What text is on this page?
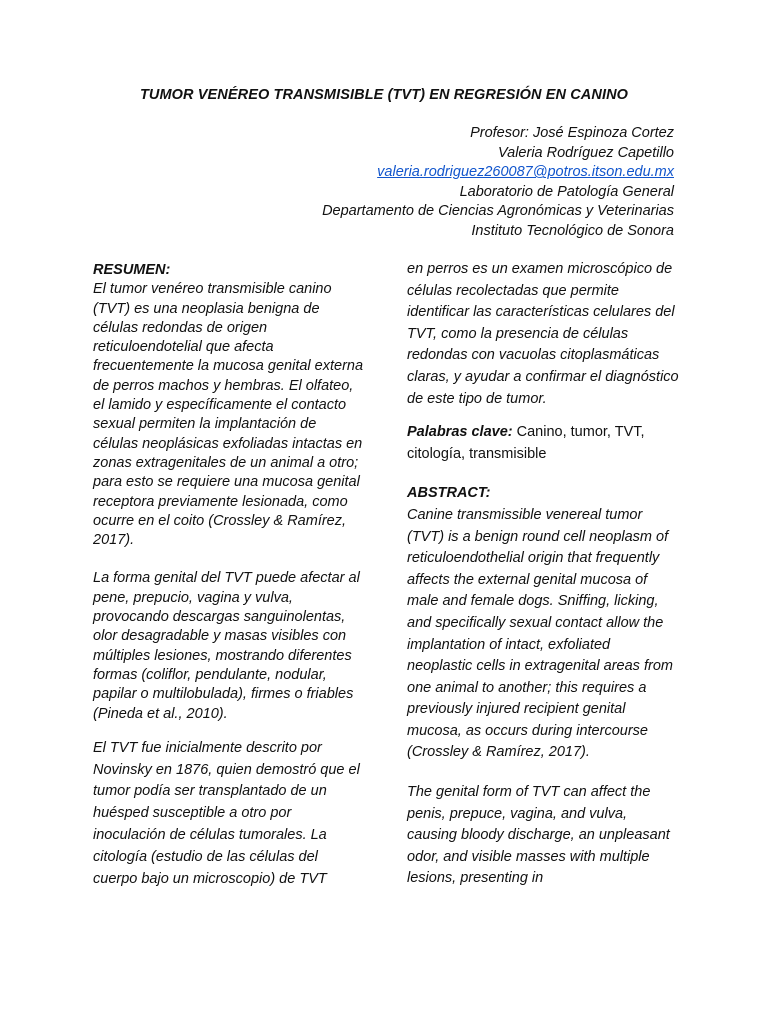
TUMOR VENÉREO TRANSMISIBLE (TVT) EN REGRESIÓN EN CANINO
Profesor: José Espinoza Cortez
Valeria Rodríguez Capetillo
valeria.rodriguez260087@potros.itson.edu.mx
Laboratorio de Patología General
Departamento de Ciencias Agronómicas y Veterinarias
Instituto Tecnológico de Sonora
RESUMEN:

El tumor venéreo transmisible canino (TVT) es una neoplasia benigna de células redondas de origen reticuloendotelial que afecta frecuentemente la mucosa genital externa de perros machos y hembras. El olfateo, el lamido y específicamente el contacto sexual permiten la implantación de células neoplásicas exfoliadas intactas en zonas extragenitales de un animal a otro; para esto se requiere una mucosa genital receptora previamente lesionada, como ocurre en el coito (Crossley & Ramírez, 2017).

La forma genital del TVT puede afectar al pene, prepucio, vagina y vulva, provocando descargas sanguinolentas, olor desagradable y masas visibles con múltiples lesiones, mostrando diferentes formas (coliflor, pendulante, nodular, papilar o multilobulada), firmes o friables (Pineda et al., 2010).

El TVT fue inicialmente descrito por Novinsky en 1876, quien demostró que el tumor podía ser transplantado de un huésped susceptible a otro por inoculación de células tumorales. La citología (estudio de las células del cuerpo bajo un microscopio) de TVT

en perros es un examen microscópico de células recolectadas que permite identificar las características celulares del TVT, como la presencia de células redondas con vacuolas citoplasmáticas claras, y ayudar a confirmar el diagnóstico de este tipo de tumor.

Palabras clave: Canino, tumor, TVT, citología, transmisible

ABSTRACT:

Canine transmissible venereal tumor (TVT) is a benign round cell neoplasm of reticuloendothelial origin that frequently affects the external genital mucosa of male and female dogs. Sniffing, licking, and specifically sexual contact allow the implantation of intact, exfoliated neoplastic cells in extragenital areas from one animal to another; this requires a previously injured recipient genital mucosa, as occurs during intercourse (Crossley & Ramírez, 2017).

The genital form of TVT can affect the penis, prepuce, vagina, and vulva, causing bloody discharge, an unpleasant odor, and visible masses with multiple lesions, presenting in
